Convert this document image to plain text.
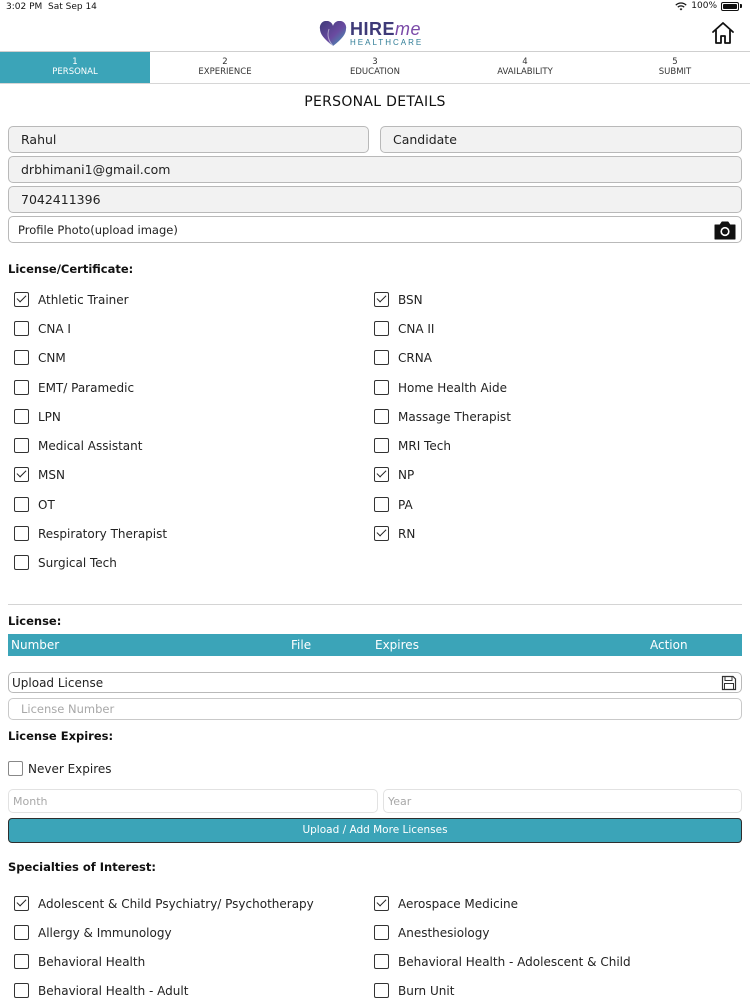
3:02 PM Sat Sep 14	100%
HIREme
HEALTHCARE
1
PERSONAL
2
EXPERIENCE
3
EDUCATION
4
AVAILABILITY
5
SUBMIT
PERSONAL DETAILS
Rahul	Candidate
drbhimani1@gmail.com
7042411396
Profile Photo(upload image)
License/Certificate:
Athletic Trainer
CNA I
CNM
EMT/ Paramedic
LPN
Medical Assistant
MSN
OT
Respiratory Therapist
Surgical Tech
BSN
CNA II
CRNA
Home Health Aide
Massage Therapist
MRI Tech
NP
PA
RN
License:
Number	File	Expires	Action
Upload License
License Number
License Expires:
Never Expires
Month	Year
Upload / Add More Licenses
Specialties of Interest:
Adolescent & Child Psychiatry/ Psychotherapy
Allergy & Immunology
Behavioral Health
Behavioral Health - Adult
Aerospace Medicine
Anesthesiology
Behavioral Health - Adolescent & Child
Burn Unit
